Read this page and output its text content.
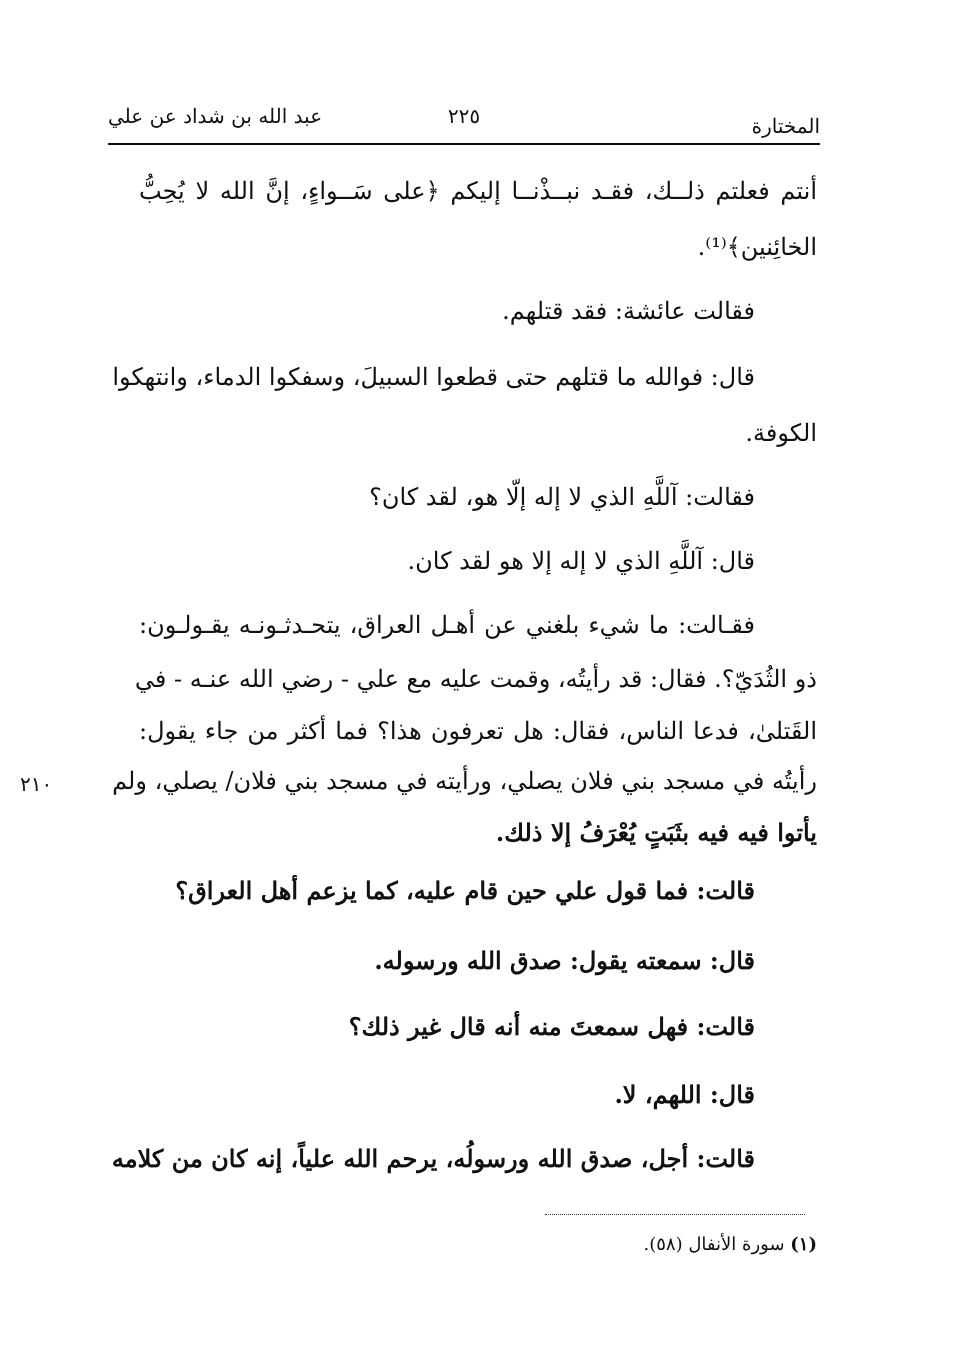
المختارة
٢٢٥
عبد الله بن شداد عن علي
أنتم فعلتم ذلــك، فقـد نبــذْنــا إليكم ﴿على سَــواءٍ، إنَّ الله لا يُحِبُّ
الخائِنين﴾⁽¹⁾.
فقالت عائشة: فقد قتلهم.
قال: فوالله ما قتلهم حتى قطعوا السبيلَ، وسفكوا الدماء، وانتهكوا
الكوفة.
فقالت: آللَّهِ الذي لا إله إلّا هو، لقد كان؟
قال: آللَّهِ الذي لا إله إلا هو لقد كان.
فقـالت: ما شيء بلغني عن أهـل العراق، يتحـدثـونـه يقـولـون:
ذو الثُدَيّ؟. فقال: قد رأيتُه، وقمت عليه مع علي - رضي الله عنـه - في
القَتلىٰ، فدعا الناس، فقال: هل تعرفون هذا؟ فما أكثر من جاء يقول:
رأيتُه في مسجد بني فلان يصلي، ورأيته في مسجد بني فلان/ يصلي، ولم
يأتوا فيه فيه بثَبَتٍ يُعْرَفُ إلا ذلك.
قالت: فما قول علي حين قام عليه، كما يزعم أهل العراق؟
قال: سمعته يقول: صدق الله ورسوله.
قالت: فهل سمعتَ منه أنه قال غير ذلك؟
قال: اللهم، لا.
قالت: أجل، صدق الله ورسولُه، يرحم الله علياً، إنه كان من كلامه
٢١٠
(١) سورة الأنفال (٥٨).
